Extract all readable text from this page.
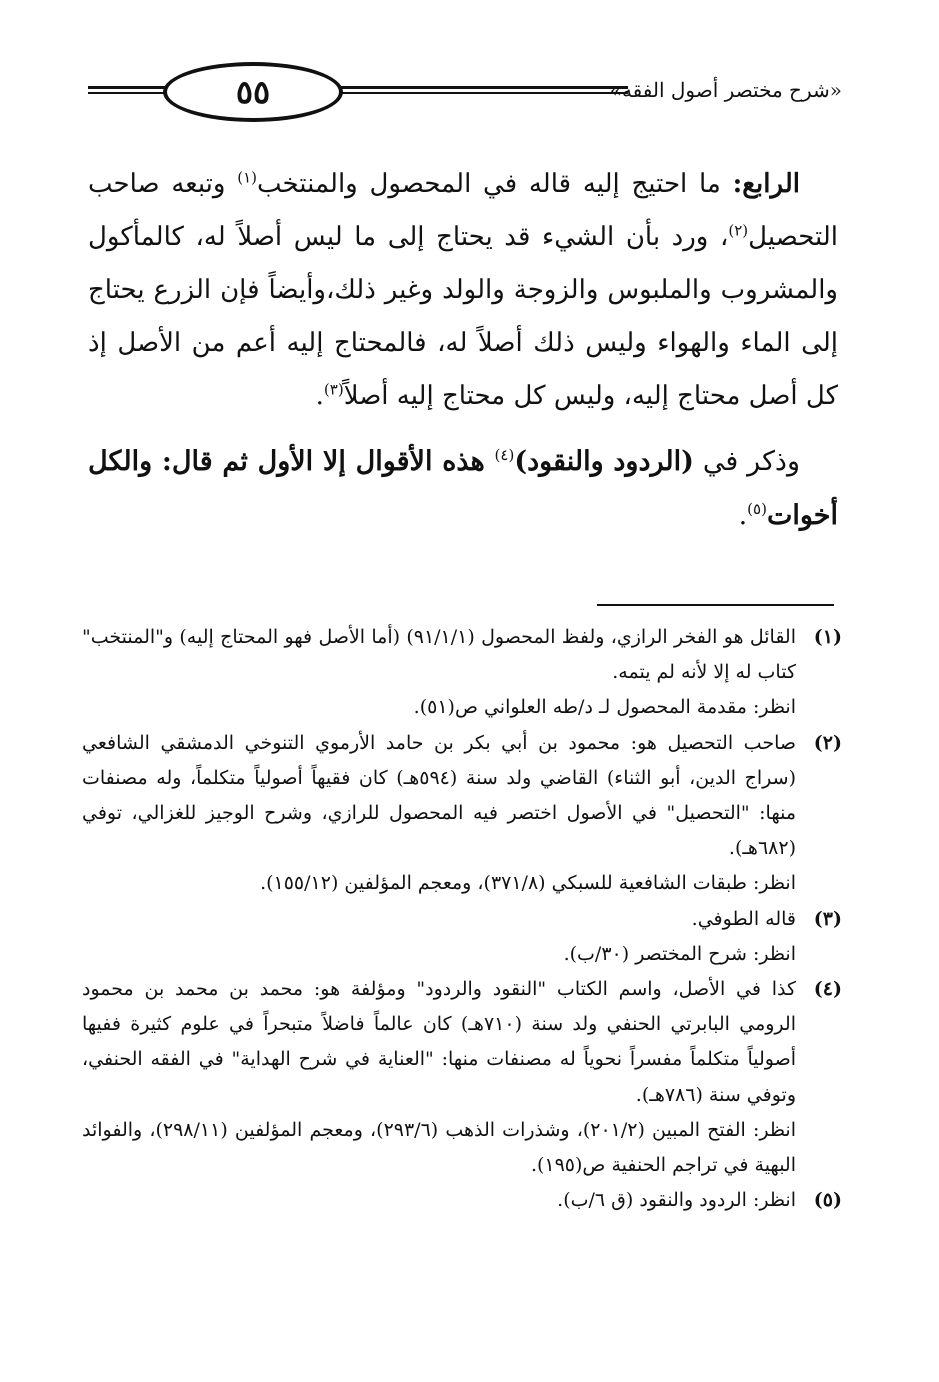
٥٥	«شرح مختصر أصول الفقه»

الرابع: ما احتيج إليه قاله في المحصول والمنتخب$^{(١)}$ وتبعه صاحب التحصيل$^{(٢)}$، ورد بأن الشيء قد يحتاج إلى ما ليس أصلاً له، كالمأكول والمشروب والملبوس والزوجة والولد وغير ذلك،وأيضاً فإن الزرع يحتاج إلى الماء والهواء وليس ذلك أصلاً له، فالمحتاج إليه أعم من الأصل إذ كل أصل محتاج إليه، وليس كل محتاج إليه أصلاً$^{(٣)}$.

وذكر في (الردود والنقود)$^{(٤)}$ هذه الأقوال إلا الأول ثم قال: والكل أخوات$^{(٥)}$.

(١)

القائل هو الفخر الرازي، ولفظ المحصول (٩١/١/١) (أما الأصل فهو المحتاج إليه) و"المنتخب" كتاب له إلا لأنه لم يتمه.

انظر: مقدمة المحصول لـ د/طه العلواني ص(٥١).

(٢)

صاحب التحصيل هو: محمود بن أبي بكر بن حامد الأرموي التنوخي الدمشقي الشافعي (سراج الدين، أبو الثناء) القاضي ولد سنة (٥٩٤هـ) كان فقيهاً أصولياً متكلماً، وله مصنفات منها: "التحصيل" في الأصول اختصر فيه المحصول للرازي، وشرح الوجيز للغزالي، توفي (٦٨٢هـ).

انظر: طبقات الشافعية للسبكي (٣٧١/٨)، ومعجم المؤلفين (١٥٥/١٢).

(٣)

قاله الطوفي.

انظر: شرح المختصر (٣٠/ب).

(٤)

كذا في الأصل، واسم الكتاب "النقود والردود" ومؤلفة هو: محمد بن محمد بن محمود الرومي البابرتي الحنفي ولد سنة (٧١٠هـ) كان عالماً فاضلاً متبحراً في علوم كثيرة ففيها أصولياً متكلماً مفسراً نحوياً له مصنفات منها: "العناية في شرح الهداية" في الفقه الحنفي، وتوفي سنة (٧٨٦هـ).

انظر: الفتح المبين (٢٠١/٢)، وشذرات الذهب (٢٩٣/٦)، ومعجم المؤلفين (٢٩٨/١١)، والفوائد البهية في تراجم الحنفية ص(١٩٥).

(٥)

انظر: الردود والنقود (ق ٦/ب).
